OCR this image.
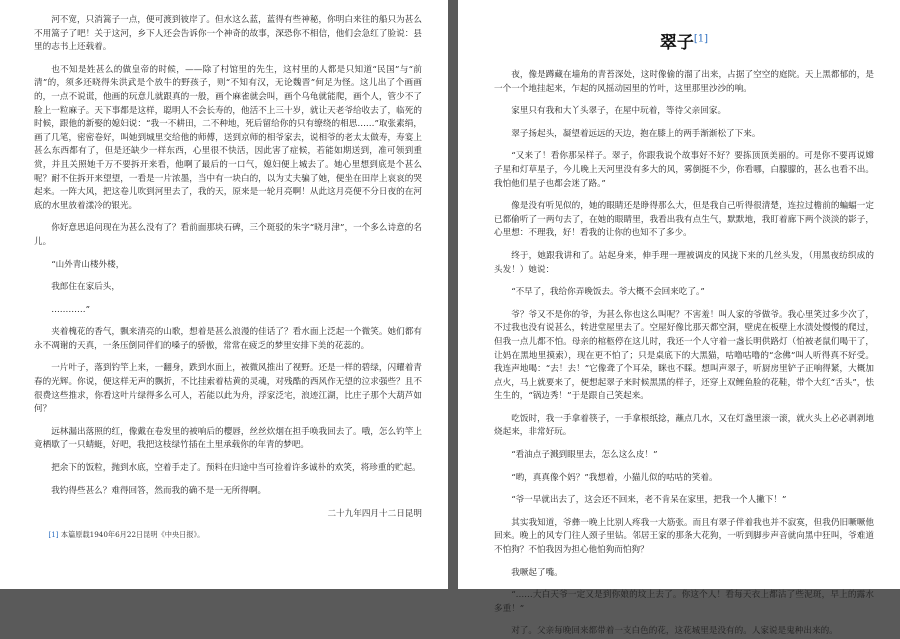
河不宽，只消篙子一点，便可渡到彼岸了。但水这么蓝，蓝得有些神秘，你明白来往的船只为甚么不用篙子了吧！关于这河，乡下人还会告诉你一个神奇的故事，深恐你不相信，他们会急红了脸说：县里的志书上还载着。

也不知是姓甚么的做皇帝的时候，——除了村馆里的先生，这村里的人都是只知道“民国”与“前清”的，须多还晓得朱洪武是个放牛的野孩子，则“不知有汉，无论魏晋”何足为怪。这儿出了个画画的，一点不说谎，他画的玩意儿就跟真的一般，画个麻雀就会叫，画个乌龟就能爬，画个人，管少不了脸上一粒麻子。天下事都是这样，聪明人不会长寿的，他活不上三十岁，就让天老爷给收去了，临死的时候，跟他的新娶的媳妇说：“我一不耕田，二不种地，死后留给你的只有缭绕的相思……”取张素绢，画了几笔，密密卷好，叫她到城里交给他的师傅，送到京师的相爷家去，说相爷的老太太做寿，寿宴上甚么东西都有了，但是还缺少一样东西，心里很不快活，因此害了症候，若能如期送到，准可领到重赏，并且关照她千万不要拆开来看，他啊了最后的一口气，媳妇便上城去了。她心里想到底是个甚么呢？耐不住拆开来望望，一看是一片浓墨，当中有一块白的，以为丈夫骗了她，便坐在田岸上哀哀的哭起来。一阵大风，把这卷儿吹到河里去了，我的天，原来是一轮月亮啊！从此这月亮便不分日夜的在河底的水里放着漾冷的银光。

你好意思追问现在为甚么没有了？看前面那块石碑，三个斑驳的朱字“晓月津”，一个多么诗意的名儿。

“山外青山楼外楼，

我郎住在家后头，

…………”

夹着槐花的香气，飘来清亮的山歌，想着是甚么浪漫的佳话了？看水面上泛起一个微笑。她们都有永不凋谢的天真，一条压倒同伴们的嗓子的骄傲，常常在疲乏的梦里安排下美的花蕊的。

一片叶子，落到钓竿上来，一翻身，跌到水面上，被微风推出了视野。还是一样的碧绿，闪耀着青春的光辉。你说，便这样无声的飘折，不比挂索着枯黄的灵魂，对残酷的西风作无望的泣求强些？且不很费这些推求，你看这叶片绿得多么可人，若能以此为舟，浮家泛宅，浪迹江湖，比庄子那个大葫芦如何？

远林漏出落照的红，像戴在卷发里的被响后的樱唇，丝丝炊烟在担手唤我回去了。哦，怎么钓竿上竟栖歇了一只蜻蜓，好吧，我把这枝绿竹插在土里承载你的年青的梦吧。

把余下的饭粒，抛到水底，空着手走了。预料在归途中当可捡着许多诚朴的欢笑，将珍重的贮起。

我钓得些甚么？难得回答，然而我的确不是一无所得啊。

二十九年四月十二日昆明

[1] 本篇原载1940年6月22日昆明《中央日报》。

翠子[1]

夜，像是蹲藏在墙角的青苔深处，这时像偷的溜了出来，占据了空空的庭院。天上黑都郁的，是一个一个地挂起来，乍起的风摇动园里的竹叶，这里那里沙沙的响。

家里只有我和大丫头翠子，在屋中玩着，等待父亲回家。

翠子扬起头，凝望着远远的天边，抱在膝上的两手渐渐松了下来。

“又来了！看你那呆样子。翠子，你跟我说个故事好不好？要拣顶顶美丽的。可是你不要再说嫦子星和灯草星子，今儿晚上天河里没有多大的风，雾倒挺不少，你看哪，白朦朦的，甚么也看不出。我怕他们星子也都会迷了路。”

像是没有听见似的，她的眼睛还是睁得那么大，但是我自己听得很清楚，连拉过檐前的蝙蝠一定已都偷听了一两句去了，在她的眼睛里，我看出我有点生气，默默地，我盯着廊下两个淡淡的影子，心里想：不理我，好！看我的让你的也知不了多少。

终于，她跟我讲和了。站起身来，伸手理一理被调皮的风拢下来的几丝头发，（用黑夜纺织成的头发！）她说：

“不早了，我给你弄晚饭去。爷大概不会回来吃了。”

爷？爷又不是你的爷，为甚么你也这么叫呢？不害羞！叫人家的爷做爷。我心里笑过多少次了，不过我也没有说甚么，转进堂屋里去了。空屋好像比那天都空洞，壁虎在板壁上水渍处慢慢的爬过，但我一点儿都不怕。母亲的棺柩停在这儿时，我还一个人守着一盏长明供路灯（怕被老鼠们喝干了，让妈在黑地里摸索），现在更不怕了；只是桌底下的大黑猫，咕噜咕噜的“念佛”叫人听得真不好受。我连声地喝：“去！去！”它像聋了个耳朵，眯也不睬。想叫声翠子，听厨房里铲子正响得紧，大概加点火，马上就要来了，便想起翠子来时候黑黑的样子，还穿上双鲤鱼脸的花鞋，带个大红“舌头”，怯生生的，“锅边秀！”于是跟自己笑起来。

吃饭时，我一手拿着筷子，一手拿根纸捻，蘸点几水，又在灯盏里滚一滚，就火头上必必剥剥地烧起来，非常好玩。

“看油点子溅到眼里去，怎么这么皮！”

“哟，真真像个妈？”我想着，小猫儿似的咕咕的笑着。

“爷一早就出去了，这会还不回来，老不肯呆在家里，把我一个人撇下！”

其实我知道，爷彝一晚上比别人疼我一大筋张。而且有翠子伴着我也并不寂寞，但我仍旧噘噘他回来。晚上的风专门往人颈子里钻。邻居王家的那条大花狗，一听到脚步声音就向黑中狂叫，爷难道不怕狗？不怕我因为担心他怕狗而怕狗？

我噘起了嘴。

“……大白天爷一定又是到你娘的坟上去了。你这个人！看每天衣上都沾了些泥斑，早上的露水多重！”

对了。父亲每晚回来都带着一支白色的花，这花城里是没有的。人家说是鬼种出来的。
